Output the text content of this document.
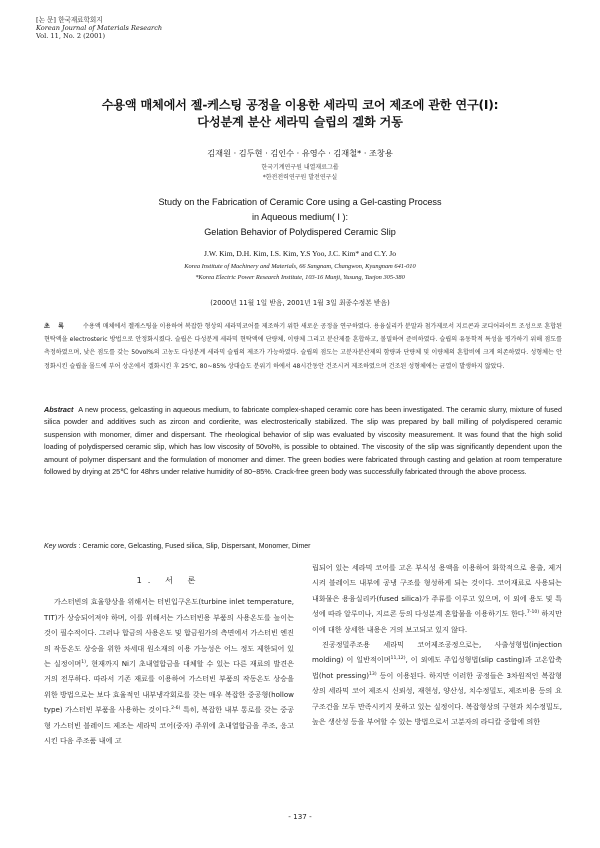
[논 문] 한국재료학회지
Korean Journal of Materials Research
Vol. 11, No. 2 (2001)
수용액 매체에서 젤-케스팅 공정을 이용한 세라믹 코어 제조에 관한 연구(Ⅰ):
다성분계 분산 세라믹 슬립의 겔화 거동
김재원 · 김두현 · 김인수 · 유영수 · 김재철* · 조창용
한국기계연구원 내열재료그룹
*한전전력연구원 발전연구실
Study on the Fabrication of Ceramic Core using a Gel-casting Process
in Aqueous medium( I ):
Gelation Behavior of Polydispered Ceramic Slip
J.W. Kim, D.H. Kim, I.S. Kim, Y.S Yoo, J.C. Kim* and C.Y. Jo
Korea Institute of Machinery and Materials, 66 Sangnam, Changwon, Kyungnam 641-010
*Korea Electric Power Research Institute, 103-16 Munji, Yusung, Taejon 305-380
(2000년 11월 1일 받음, 2001년 1월 3일 최종수정본 받음)
초 록	수용액 매체에서 젤캐스팅을 이용하여 복잡한 형상의 세라믹코어를 제조하기 위한 새로운 공정을 연구하였다. 용융실리카 분말과 첨가제로서 지르콘과 코디어라이트 조성으로 혼합된 현탁액을 electrosteric 방법으로 안정화시켰다. 슬립은 다성분계 세라믹 현탁액에 단량체, 이량체 그리고 분산제를 혼합하고, 볼밀하여 준비하였다. 슬립의 유동학적 특성을 평가하기 위해 점도를 측정하였으며, 낮은 점도를 갖는 50vol%의 고농도 다성분계 세라믹 슬립의 제조가 가능하였다. 슬립의 점도는 고분자분산제의 함량과 단량체 및 이량체의 혼합비에 크게 의존하였다. 성형체는 안정화시킨 슬립을 몰드에 부어 상온에서 겔화시킨 후 25℃, 80~85% 상대습도 분위기 하에서 48시간동안 건조시켜 제조하였으며 건조된 성형체에는 균열이 발생하지 않았다.
Abstract A new process, gelcasting in aqueous medium, to fabricate complex-shaped ceramic core has been investigated. The ceramic slurry, mixture of fused silica powder and additives such as zircon and cordierite, was electrosterically stabilized. The slip was prepared by ball milling of polydispered ceramic suspension with monomer, dimer and dispersant. The rheological behavior of slip was evaluated by viscosity measurement. It was found that the high solid loading of polydispersed ceramic slip, which has low viscosity of 50vol%, is possible to obtained. The viscosity of the slip was significantly dependent upon the amount of polymer dispersant and the formulation of monomer and dimer. The green bodies were fabricated through casting and gelation at room temperature followed by drying at 25℃ for 48hrs under relative humidity of 80~85%. Crack-free green body was successfully fabricated through the above process.
Key words : Ceramic core, Gelcasting, Fused silica, Slip, Dispersant, Monomer, Dimer
1. 서 론

가스터빈의 효율향상을 위해서는 터빈입구온도(turbine inlet temperature, TIT)가 상승되어져야 하며, 이를 위해서는 가스터빈용 부품의 사용온도를 높이는 것이 필수적이다. 그러나 합금의 사용온도 및 합금원가의 측면에서 가스터빈 엔진의 작동온도 상승을 위한 차세대 원소재의 이용 가능성은 어느 정도 제한되어 있는 실정이며$^{1)}$, 현재까지 Ni기 초내열합금을 대체할 수 있는 다른 재료의 발견은 거의 전무하다. 따라서 기존 재료를 이용하여 가스터빈 부품의 작동온도 상승을 위한 방법으로는 보다 효율적인 내부냉각회로를 갖는 매우 복잡한 중공형(hollow type) 가스터빈 부품을 사용하는 것이다.$^{2-6)}$ 특히, 복잡한 내부 통로를 갖는 중공형 가스터빈 블레이드 제조는 세라믹 코어(중자) 주위에 초내열합금을 주조, 응고시킨 다음 주조품 내에 고

립되어 있는 세라믹 코어를 고온 부식성 용액을 이용하여 화학적으로 용출, 제거시켜 블레이드 내부에 공냉 구조를 형성하게 되는 것이다. 코어재료로 사용되는 내화물은 용융실리카(fused silica)가 주류를 이루고 있으며, 이 외에 용도 및 특성에 따라 알루미나, 지르콘 등의 다성분계 혼합물을 이용하기도 한다.$^{7-10)}$ 하지만 이에 대한 상세한 내용은 거의 보고되고 있지 않다.

진공정밀주조용 세라믹 코어제조공정으로는, 사출성형법(injection molding) 이 일반적이며$^{11,12)}$, 이 외에도 주입성형법(slip casting)과 고온압축법(hot pressing)$^{13)}$ 등이 이용된다. 하지만 이러한 공정들은 3차원적인 복잡형상의 세라믹 코어 제조시 신뢰성, 재현성, 양산성, 치수정밀도, 제조비용 등의 요구조건을 모두 만족시키지 못하고 있는 실정이다. 복잡형상의 구현과 치수정밀도, 높은 생산성 등을 부여할 수 있는 방법으로서 고분자의 라디칼 중합에 의한

- 137 -
